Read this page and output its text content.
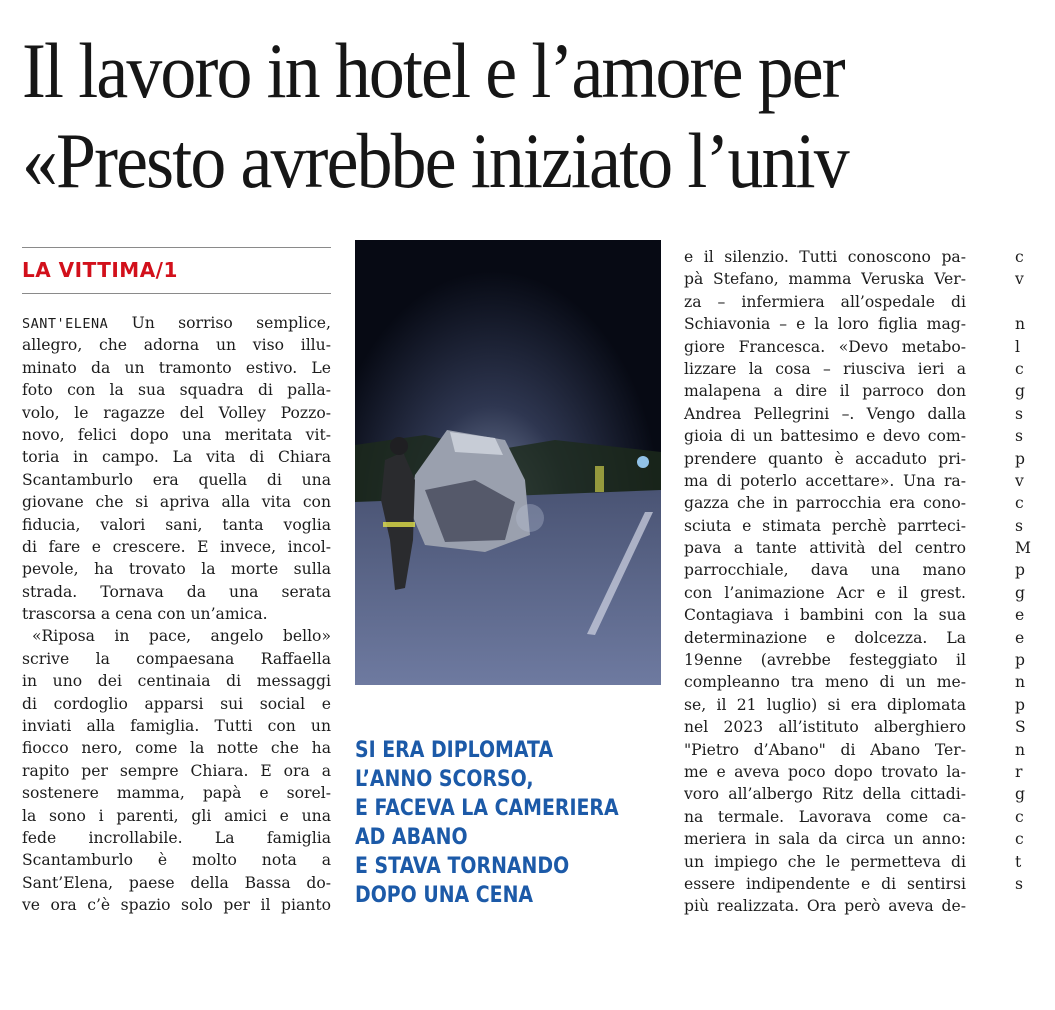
Il lavoro in hotel e l’amore per
«Presto avrebbe iniziato l’univ
LA VITTIMA/1
SANT'ELENA Un sorriso semplice,
allegro, che adorna un viso illu-
minato da un tramonto estivo. Le
foto con la sua squadra di palla-
volo, le ragazze del Volley Pozzo-
novo, felici dopo una meritata vit-
toria in campo. La vita di Chiara
Scantamburlo era quella di una
giovane che si apriva alla vita con
fiducia, valori sani, tanta voglia
di fare e crescere. E invece, incol-
pevole, ha trovato la morte sulla
strada. Tornava da una serata
trascorsa a cena con un’amica.
«Riposa in pace, angelo bello»
scrive la compaesana Raffaella
in uno dei centinaia di messaggi
di cordoglio apparsi sui social e
inviati alla famiglia. Tutti con un
fiocco nero, come la notte che ha
rapito per sempre Chiara. E ora a
sostenere mamma, papà e sorel-
la sono i parenti, gli amici e una
fede incrollabile. La famiglia
Scantamburlo è molto nota a
Sant’Elena, paese della Bassa do-
ve ora c’è spazio solo per il pianto
SI ERA DIPLOMATA
L’ANNO SCORSO,
E FACEVA LA CAMERIERA
AD ABANO
E STAVA TORNANDO
DOPO UNA CENA
e il silenzio. Tutti conoscono pa-
pà Stefano, mamma Veruska Ver-
za – infermiera all’ospedale di
Schiavonia – e la loro figlia mag-
giore Francesca. «Devo metabo-
lizzare la cosa – riusciva ieri a
malapena a dire il parroco don
Andrea Pellegrini –. Vengo dalla
gioia di un battesimo e devo com-
prendere quanto è accaduto pri-
ma di poterlo accettare». Una ra-
gazza che in parrocchia era cono-
sciuta e stimata perchè parrteci-
pava a tante attività del centro
parrocchiale, dava una mano
con l’animazione Acr e il grest.
Contagiava i bambini con la sua
determinazione e dolcezza. La
19enne (avrebbe festeggiato il
compleanno tra meno di un me-
se, il 21 luglio) si era diplomata
nel 2023 all’istituto alberghiero
"Pietro d’Abano" di Abano Ter-
me e aveva poco dopo trovato la-
voro all’albergo Ritz della cittadi-
na termale. Lavorava come ca-
meriera in sala da circa un anno:
un impiego che le permetteva di
essere indipendente e di sentirsi
più realizzata. Ora però aveva de-
c
v
n
l
c
g
s
s
p
v
c
s
M
p
g
e
e
p
n
p
S
n
r
g
c
c
t
s
